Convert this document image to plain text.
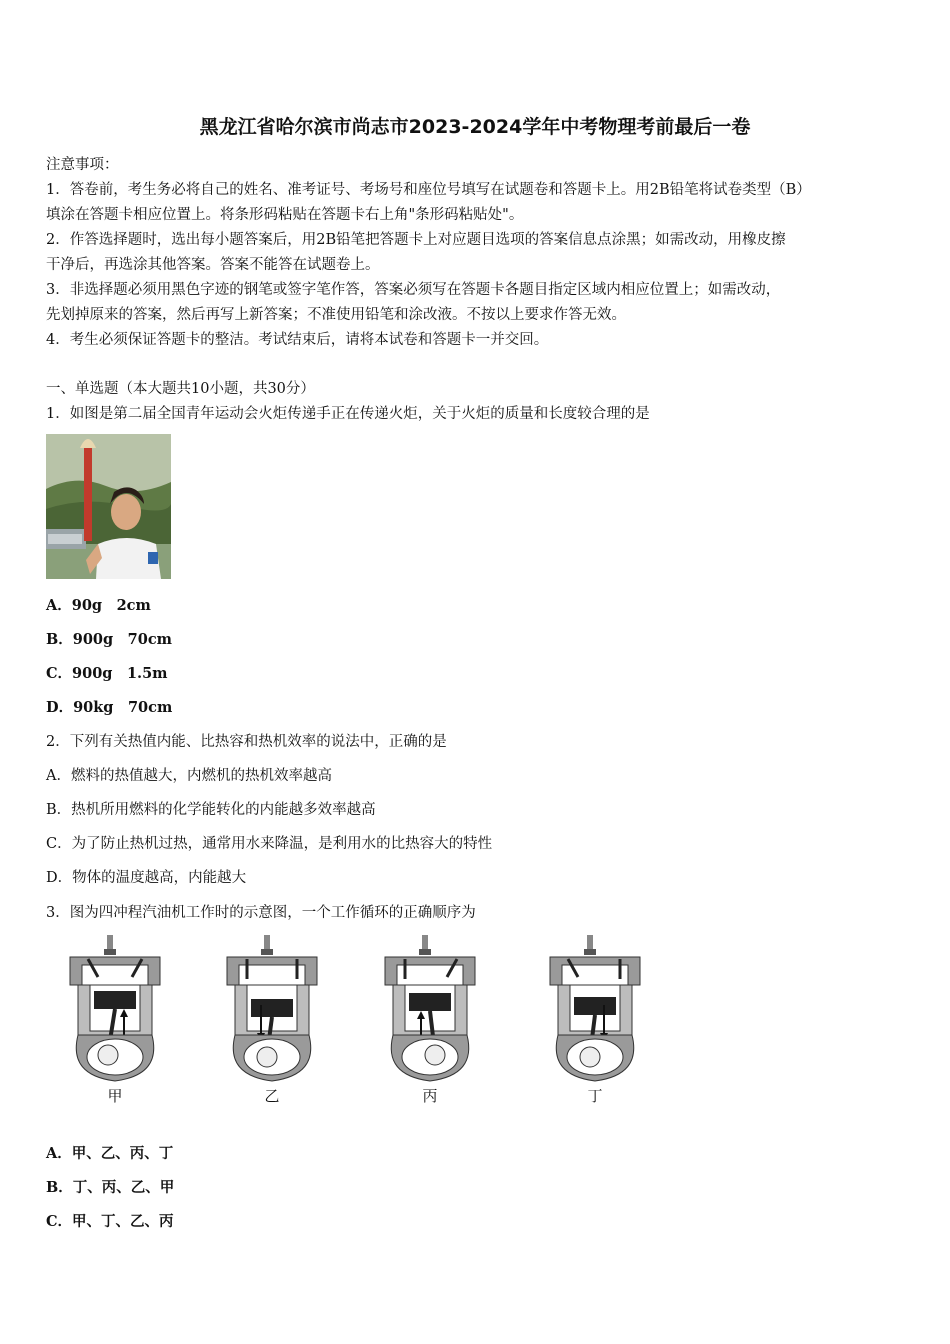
黑龙江省哈尔滨市尚志市2023-2024学年中考物理考前最后一卷
注意事项：
1．答卷前，考生务必将自己的姓名、准考证号、考场号和座位号填写在试题卷和答题卡上。用2B铅笔将试卷类型（B）
填涂在答题卡相应位置上。将条形码粘贴在答题卡右上角"条形码粘贴处"。
2．作答选择题时，选出每小题答案后，用2B铅笔把答题卡上对应题目选项的答案信息点涂黑；如需改动，用橡皮擦
干净后，再选涂其他答案。答案不能答在试题卷上。
3．非选择题必须用黑色字迹的钢笔或签字笔作答，答案必须写在答题卡各题目指定区域内相应位置上；如需改动，
先划掉原来的答案，然后再写上新答案；不准使用铅笔和涂改液。不按以上要求作答无效。
4．考生必须保证答题卡的整洁。考试结束后，请将本试卷和答题卡一并交回。
一、单选题（本大题共10小题，共30分）
1．如图是第二届全国青年运动会火炬传递手正在传递火炬，关于火炬的质量和长度较合理的是
A．90g　2cm
B．900g　70cm
C．900g　1.5m
D．90kg　70cm
2．下列有关热值内能、比热容和热机效率的说法中，正确的是
A．燃料的热值越大，内燃机的热机效率越高
B．热机所用燃料的化学能转化的内能越多效率越高
C．为了防止热机过热，通常用水来降温，是利用水的比热容大的特性
D．物体的温度越高，内能越大
3．图为四冲程汽油机工作时的示意图，一个工作循环的正确顺序为
甲	乙	丙	丁
A．甲、乙、丙、丁
B．丁、丙、乙、甲
C．甲、丁、乙、丙
